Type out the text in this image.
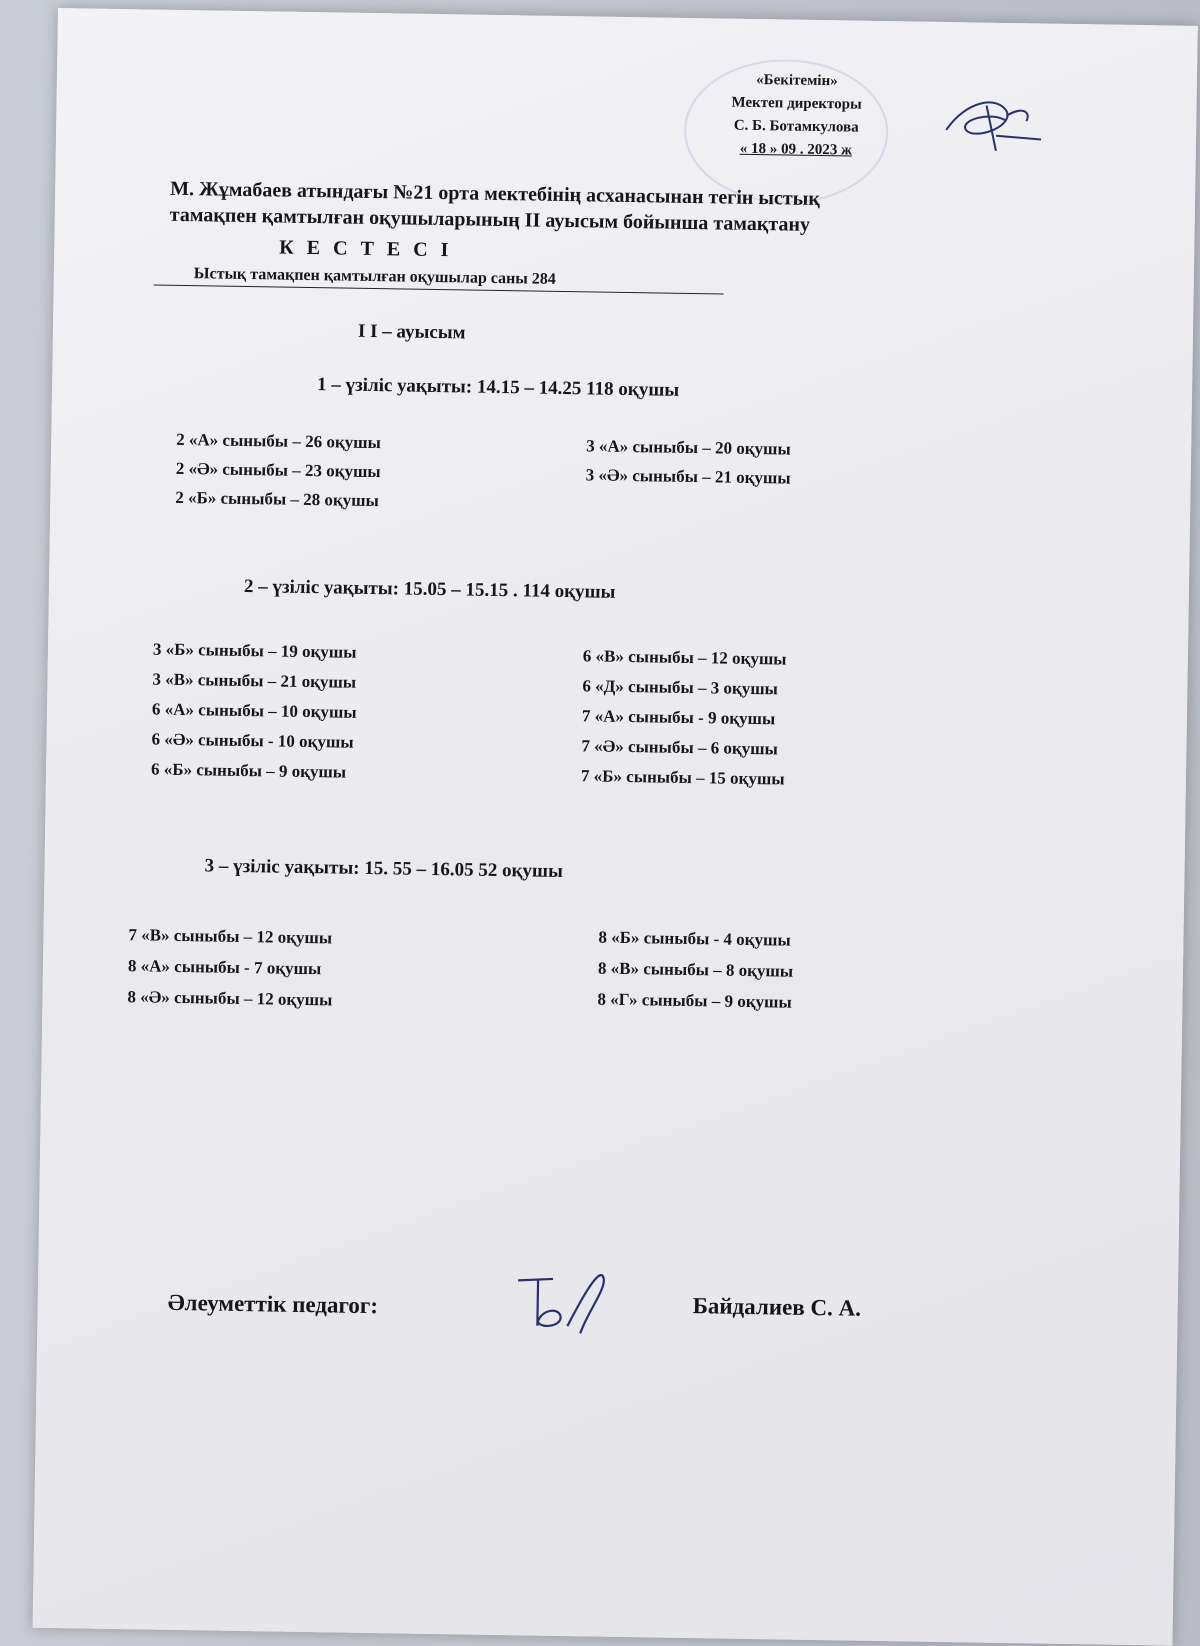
«Бекітемін»
Мектеп директоры
С. Б. Ботамкулова
« 18 » 09 . 2023 ж
М. Жұмабаев атындағы №21 орта мектебінің асханасынан тегін ыстық
тамақпен қамтылған оқушыларының ІІ ауысым бойынша тамақтану
К Е С Т Е С І
Ыстық тамақпен қамтылған оқушылар саны 284
І І – ауысым
1 – үзіліс уақыты: 14.15 – 14.25 118 оқушы
2 «А» сыныбы – 26 оқушы
2 «Ә» сыныбы – 23 оқушы
2 «Б» сыныбы – 28 оқушы
3 «А» сыныбы – 20 оқушы
3 «Ә» сыныбы – 21 оқушы
2 – үзіліс уақыты: 15.05 – 15.15 . 114 оқушы
3 «Б» сыныбы – 19 оқушы
3 «В» сыныбы – 21 оқушы
6 «А» сыныбы – 10 оқушы
6 «Ә» сыныбы - 10 оқушы
6 «Б» сыныбы – 9 оқушы
6 «В» сыныбы – 12 оқушы
6 «Д» сыныбы – 3 оқушы
7 «А» сыныбы - 9 оқушы
7 «Ә» сыныбы – 6 оқушы
7 «Б» сыныбы – 15 оқушы
3 – үзіліс уақыты: 15. 55 – 16.05 52 оқушы
7 «В» сыныбы – 12 оқушы
8 «А» сыныбы - 7 оқушы
8 «Ә» сыныбы – 12 оқушы
8 «Б» сыныбы - 4 оқушы
8 «В» сыныбы – 8 оқушы
8 «Г» сыныбы – 9 оқушы
Әлеуметтік педагог:	Байдалиев С. А.
